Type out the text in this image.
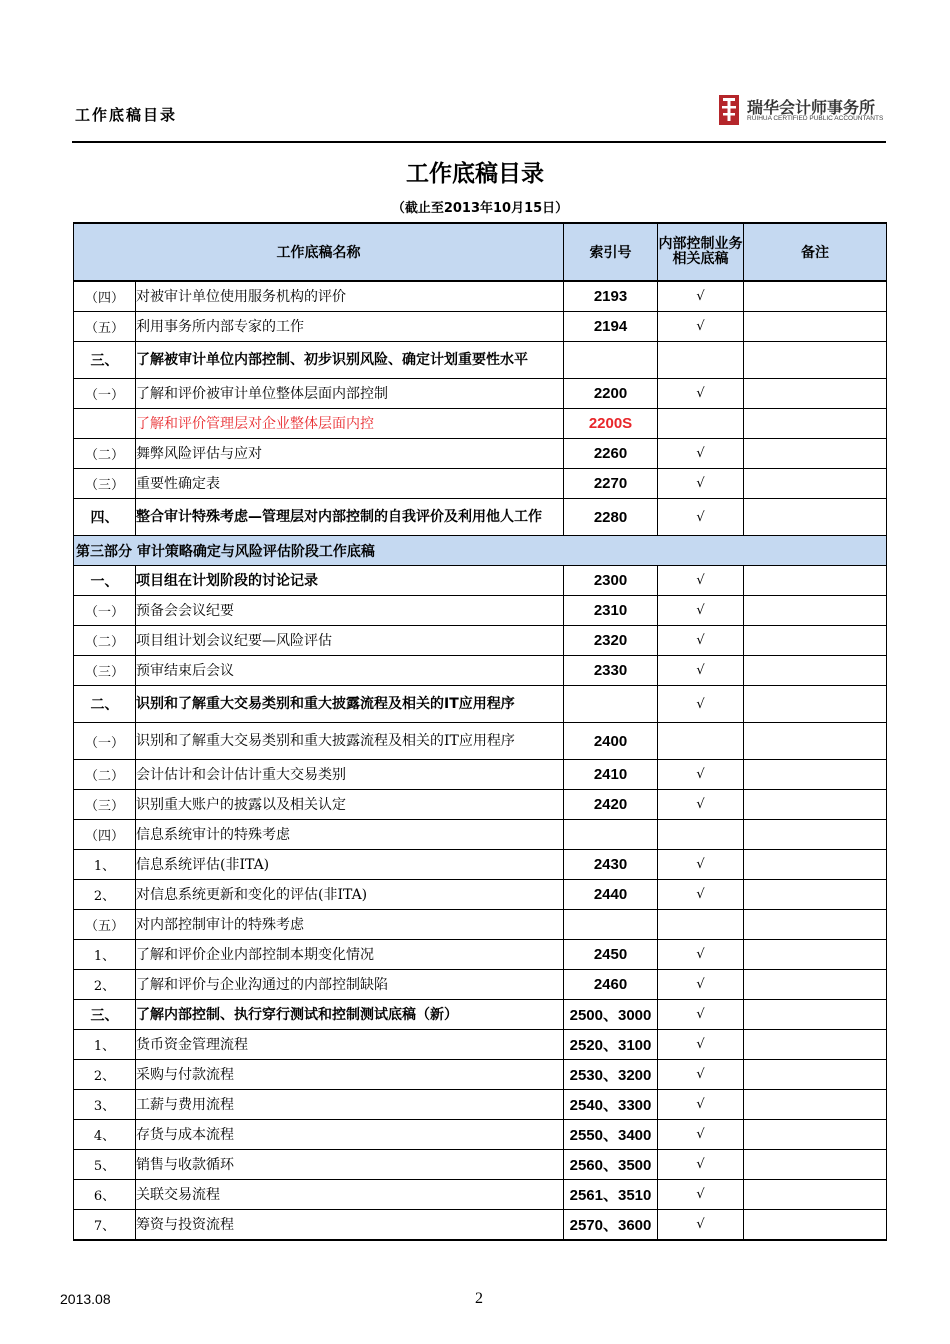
工作底稿目录	瑞华会计师事务所
RUIHUA CERTIFIED PUBLIC ACCOUNTANTS
工作底稿目录
（截止至2013年10月15日）
工作底稿名称		索引号	内部控制业务相关底稿	备注
（四）	对被审计单位使用服务机构的评价	2193	√	
（五）	利用事务所内部专家的工作	2194	√	
三、	了解被审计单位内部控制、初步识别风险、确定计划重要性水平			
（一）	了解和评价被审计单位整体层面内部控制	2200	√	
	了解和评价管理层对企业整体层面内控	2200S		
（二）	舞弊风险评估与应对	2260	√	
（三）	重要性确定表	2270	√	
四、	整合审计特殊考虑—管理层对内部控制的自我评价及利用他人工作	2280	√	
第三部分 审计策略确定与风险评估阶段工作底稿				
一、	项目组在计划阶段的讨论记录	2300	√	
（一）	预备会会议纪要	2310	√	
（二）	项目组计划会议纪要—风险评估	2320	√	
（三）	预审结束后会议	2330	√	
二、	识别和了解重大交易类别和重大披露流程及相关的IT应用程序		√	
（一）	识别和了解重大交易类别和重大披露流程及相关的IT应用程序	2400		
（二）	会计估计和会计估计重大交易类别	2410	√	
（三）	识别重大账户的披露以及相关认定	2420	√	
（四）	信息系统审计的特殊考虑			
1、	信息系统评估(非ITA)	2430	√	
2、	对信息系统更新和变化的评估(非ITA)	2440	√	
（五）	对内部控制审计的特殊考虑			
1、	了解和评价企业内部控制本期变化情况	2450	√	
2、	了解和评价与企业沟通过的内部控制缺陷	2460	√	
三、	了解内部控制、执行穿行测试和控制测试底稿（新）	2500、3000	√	
1、	货币资金管理流程	2520、3100	√	
2、	采购与付款流程	2530、3200	√	
3、	工薪与费用流程	2540、3300	√	
4、	存货与成本流程	2550、3400	√	
5、	销售与收款循环	2560、3500	√	
6、	关联交易流程	2561、3510	√	
7、	筹资与投资流程	2570、3600	√	
2013.08	2
